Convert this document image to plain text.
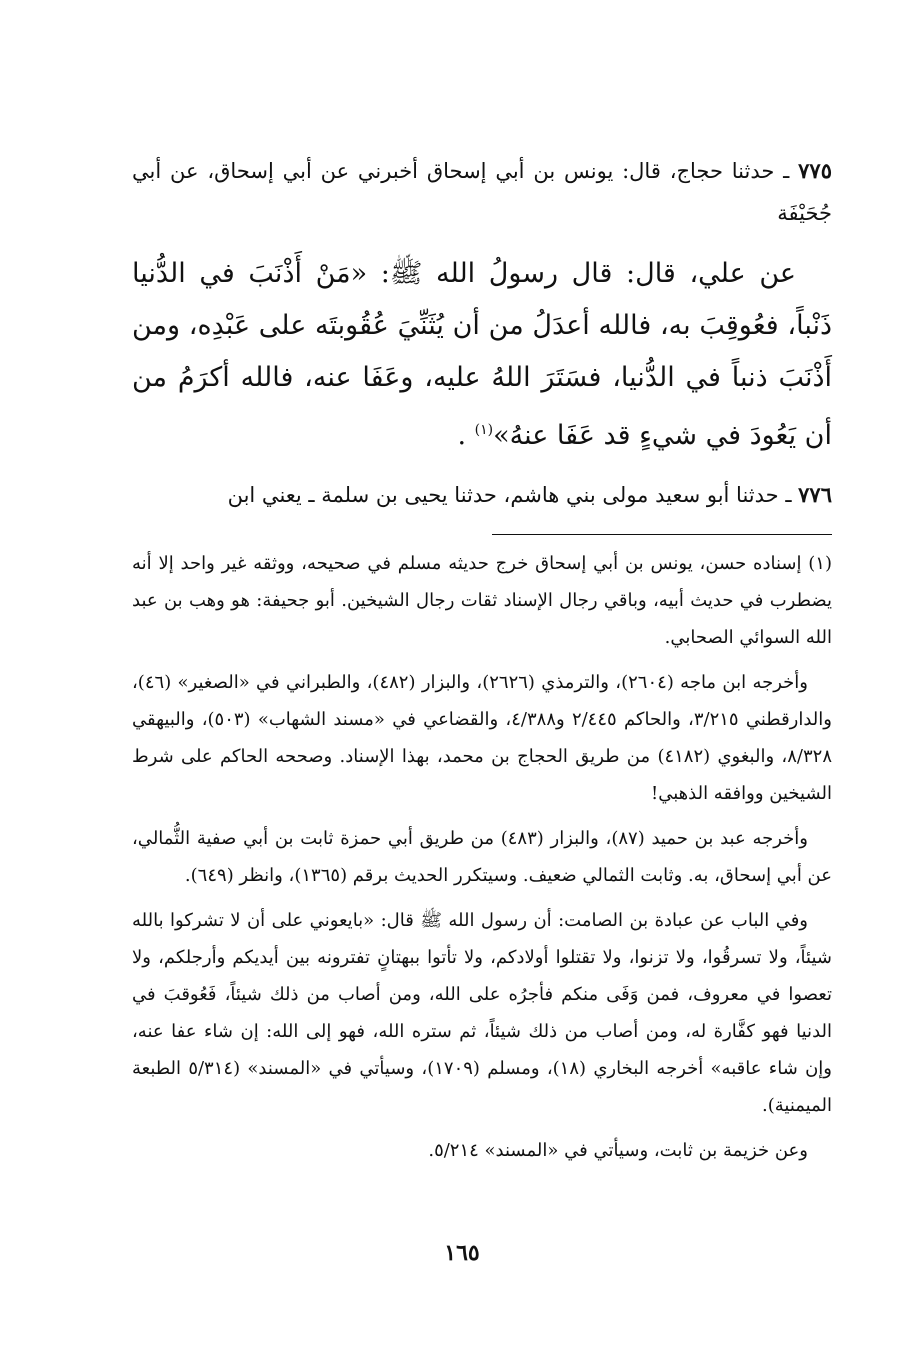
٧٧٥ ـ حدثنا حجاج، قال: يونس بن أبي إسحاق أخبرني عن أبي إسحاق، عن أبي جُحَيْفَة

عن علي، قال: قال رسولُ الله ﷺ: «مَنْ أَذْنَبَ في الدُّنيا ذَنْباً، فعُوقِبَ به، فالله أعدَلُ من أن يُثَنِّيَ عُقُوبتَه على عَبْدِه، ومن أَذْنَبَ ذنباً في الدُّنيا، فسَتَرَ اللهُ عليه، وعَفَا عنه، فالله أكرَمُ من أن يَعُودَ في شيءٍ قد عَفَا عنهُ»$^{(١)}$ .

٧٧٦ ـ حدثنا أبو سعيد مولى بني هاشم، حدثنا يحيى بن سلمة ـ يعني ابن

(١) إسناده حسن، يونس بن أبي إسحاق خرج حديثه مسلم في صحيحه، ووثقه غير واحد إلا أنه يضطرب في حديث أبيه، وباقي رجال الإسناد ثقات رجال الشيخين. أبو جحيفة: هو وهب بن عبد الله السوائي الصحابي.

وأخرجه ابن ماجه (٢٦٠٤)، والترمذي (٢٦٢٦)، والبزار (٤٨٢)، والطبراني في «الصغير» (٤٦)، والدارقطني ٣/٢١٥، والحاكم ٢/٤٤٥ و٤/٣٨٨، والقضاعي في «مسند الشهاب» (٥٠٣)، والبيهقي ٨/٣٢٨، والبغوي (٤١٨٢) من طريق الحجاج بن محمد، بهذا الإسناد. وصححه الحاكم على شرط الشيخين ووافقه الذهبي!

وأخرجه عبد بن حميد (٨٧)، والبزار (٤٨٣) من طريق أبي حمزة ثابت بن أبي صفية الثُّمالي، عن أبي إسحاق، به. وثابت الثمالي ضعيف. وسيتكرر الحديث برقم (١٣٦٥)، وانظر (٦٤٩).

وفي الباب عن عبادة بن الصامت: أن رسول الله ﷺ قال: «بايعوني على أن لا تشركوا بالله شيئاً، ولا تسرقُوا، ولا تزنوا، ولا تقتلوا أولادكم، ولا تأتوا ببهتانٍ تفترونه بين أيديكم وأرجلكم، ولا تعصوا في معروف، فمن وَفَى منكم فأجرُه على الله، ومن أصاب من ذلك شيئاً، فَعُوقبَ في الدنيا فهو كفَّارة له، ومن أصاب من ذلك شيئاً، ثم ستره الله، فهو إلى الله: إن شاء عفا عنه، وإن شاء عاقبه» أخرجه البخاري (١٨)، ومسلم (١٧٠٩)، وسيأتي في «المسند» (٥/٣١٤ الطبعة الميمنية).

وعن خزيمة بن ثابت، وسيأتي في «المسند» ٥/٢١٤.

١٦٥
